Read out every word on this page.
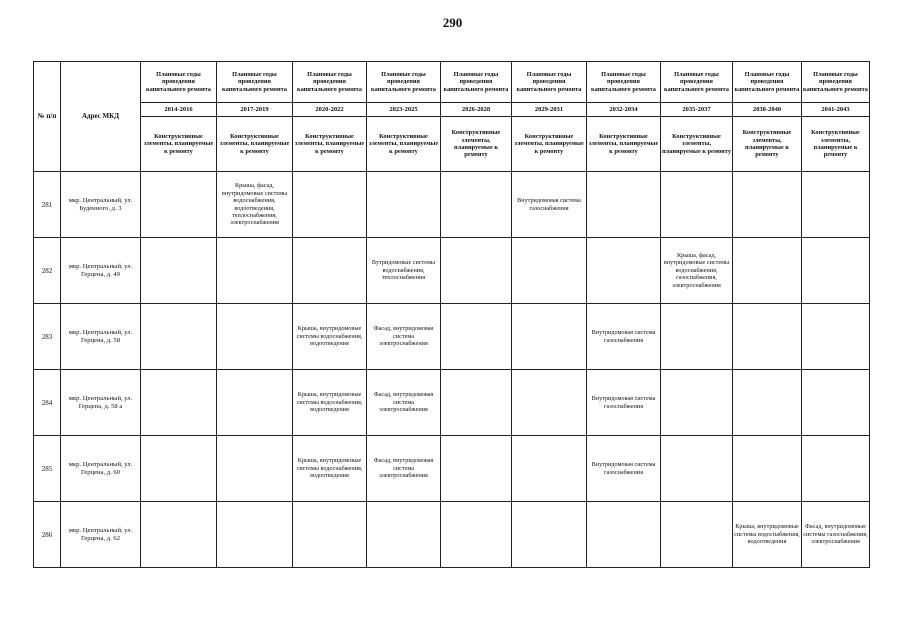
290
№ п/п	Адрес МКД	Плановые годы проведения капитального ремонта	Плановые годы проведения капитального ремонта	Плановые годы проведения капитального ремонта	Плановые годы проведения капитального ремонта	Плановые годы проведения капитального ремонта	Плановые годы проведения капитального ремонта	Плановые годы проведения капитального ремонта	Плановые годы проведения капитального ремонта	Плановые годы проведения капитального ремонта	Плановые годы проведения капитального ремонта
		2014-2016	2017-2019	2020-2022	2023-2025	2026-2028	2029-2031	2032-2034	2035-2037	2038-2040	2041-2043
		Конструктивные элементы, планируемые к ремонту	Конструктивные элементы, планируемые к ремонту	Конструктивные элементы, планируемые к ремонту	Конструктивные элементы, планируемые к ремонту	Конструктивные элементы, планируемые к ремонту	Конструктивные элементы, планируемые к ремонту	Конструктивные элементы, планируемые к ремонту	Конструктивные элементы, планируемые к ремонту	Конструктивные элементы, планируемые к ремонту	Конструктивные элементы, планируемые к ремонту
281	мкр. Центральный, ул. Буденного, д. 3		Крыша, фасад, внутридомовые системы водоснабжения, водоотведения, теплоснабжения, электроснабжения				Внутридомовая система газоснабжения				
282	мкр. Центральный, ул. Герцена, д. 49				Вутридомовые системы водоснабжения, теплоснабжения				Крыша, фасад, внутридомовые системы водоснабжения, газоснабжения, электроснабжения		
283	мкр. Центральный, ул. Герцена, д. 58			Крыша, внутридомовые системы водоснабжения, водоотведения	Фасад, внутридомовая система электроснабжения			Внутридомовая система газоснабжения			
284	мкр. Центральный, ул. Герцена, д. 58 а			Крыша, внутридомовые системы водоснабжения, водоотведения	Фасад, внутридомовая система электроснабжения			Внутридомовая система газоснабжения			
285	мкр. Центральный, ул. Герцена, д. 60			Крыша, внутридомовые системы водоснабжения, водоотведения	Фасад, внутридомовая система электроснабжения			Внутридомовая система газоснабжения			
286	мкр. Центральный, ул. Герцена, д. 62									Крыша, внутридомовые системы водоснабжения, водоотведения	Фасад, внутридомовые системы газоснабжения, электроснабжения
